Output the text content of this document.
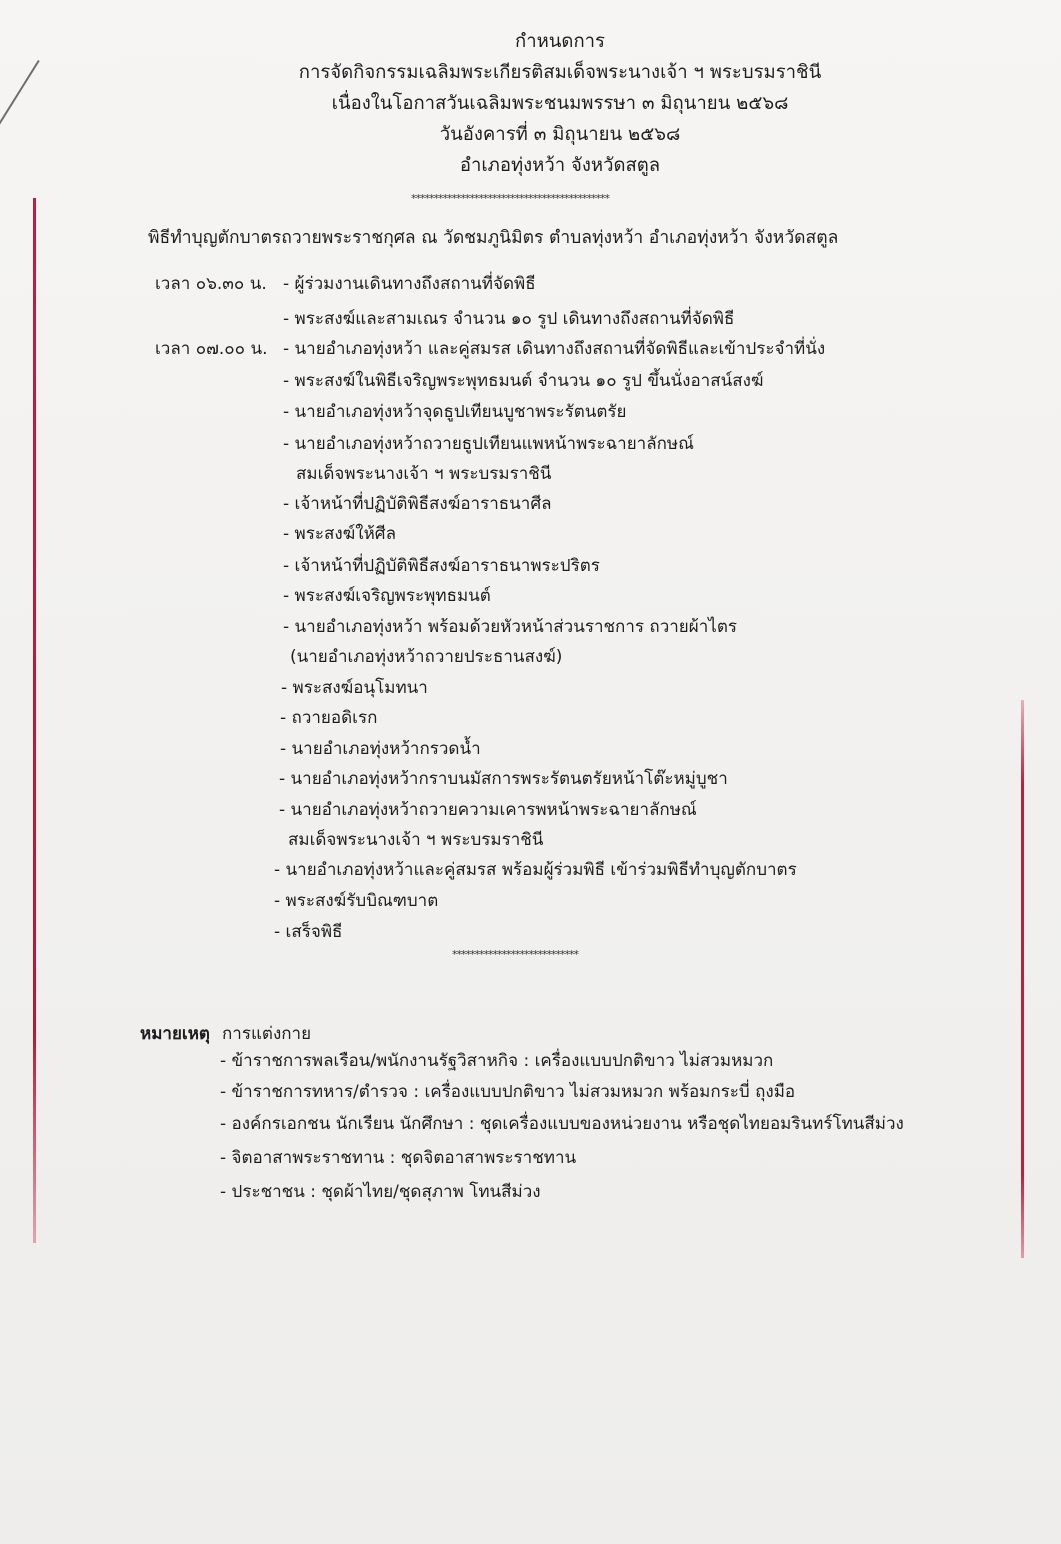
กำหนดการ
การจัดกิจกรรมเฉลิมพระเกียรติสมเด็จพระนางเจ้า ฯ พระบรมราชินี
เนื่องในโอกาสวันเฉลิมพระชนมพรรษา ๓ มิถุนายน ๒๕๖๘
วันอังคารที่ ๓ มิถุนายน ๒๕๖๘
อำเภอทุ่งหว้า จังหวัดสตูล
********************************************
พิธีทำบุญตักบาตรถวายพระราชกุศล ณ วัดชมภูนิมิตร ตำบลทุ่งหว้า อำเภอทุ่งหว้า จังหวัดสตูล
เวลา ๐๖.๓๐ น.
เวลา ๐๗.๐๐ น.
- ผู้ร่วมงานเดินทางถึงสถานที่จัดพิธี
- พระสงฆ์และสามเณร จำนวน ๑๐ รูป เดินทางถึงสถานที่จัดพิธี
- นายอำเภอทุ่งหว้า และคู่สมรส เดินทางถึงสถานที่จัดพิธีและเข้าประจำที่นั่ง
- พระสงฆ์ในพิธีเจริญพระพุทธมนต์ จำนวน ๑๐ รูป ขึ้นนั่งอาสน์สงฆ์
- นายอำเภอทุ่งหว้าจุดธูปเทียนบูชาพระรัตนตรัย
- นายอำเภอทุ่งหว้าถวายธูปเทียนแพหน้าพระฉายาลักษณ์
สมเด็จพระนางเจ้า ฯ พระบรมราชินี
- เจ้าหน้าที่ปฏิบัติพิธีสงฆ์อาราธนาศีล
- พระสงฆ์ให้ศีล
- เจ้าหน้าที่ปฏิบัติพิธีสงฆ์อาราธนาพระปริตร
- พระสงฆ์เจริญพระพุทธมนต์
- นายอำเภอทุ่งหว้า พร้อมด้วยหัวหน้าส่วนราชการ ถวายผ้าไตร
(นายอำเภอทุ่งหว้าถวายประธานสงฆ์)
- พระสงฆ์อนุโมทนา
- ถวายอดิเรก
- นายอำเภอทุ่งหว้ากรวดน้ำ
- นายอำเภอทุ่งหว้ากราบนมัสการพระรัตนตรัยหน้าโต๊ะหมู่บูชา
- นายอำเภอทุ่งหว้าถวายความเคารพหน้าพระฉายาลักษณ์
สมเด็จพระนางเจ้า ฯ พระบรมราชินี
- นายอำเภอทุ่งหว้าและคู่สมรส พร้อมผู้ร่วมพิธี เข้าร่วมพิธีทำบุญตักบาตร
- พระสงฆ์รับบิณฑบาต
- เสร็จพิธี
****************************
หมายเหตุ การแต่งกาย
- ข้าราชการพลเรือน/พนักงานรัฐวิสาหกิจ : เครื่องแบบปกติขาว ไม่สวมหมวก
- ข้าราชการทหาร/ตำรวจ : เครื่องแบบปกติขาว ไม่สวมหมวก พร้อมกระบี่ ถุงมือ
- องค์กรเอกชน นักเรียน นักศึกษา : ชุดเครื่องแบบของหน่วยงาน หรือชุดไทยอมรินทร์โทนสีม่วง
- จิตอาสาพระราชทาน : ชุดจิตอาสาพระราชทาน
- ประชาชน : ชุดผ้าไทย/ชุดสุภาพ โทนสีม่วง
